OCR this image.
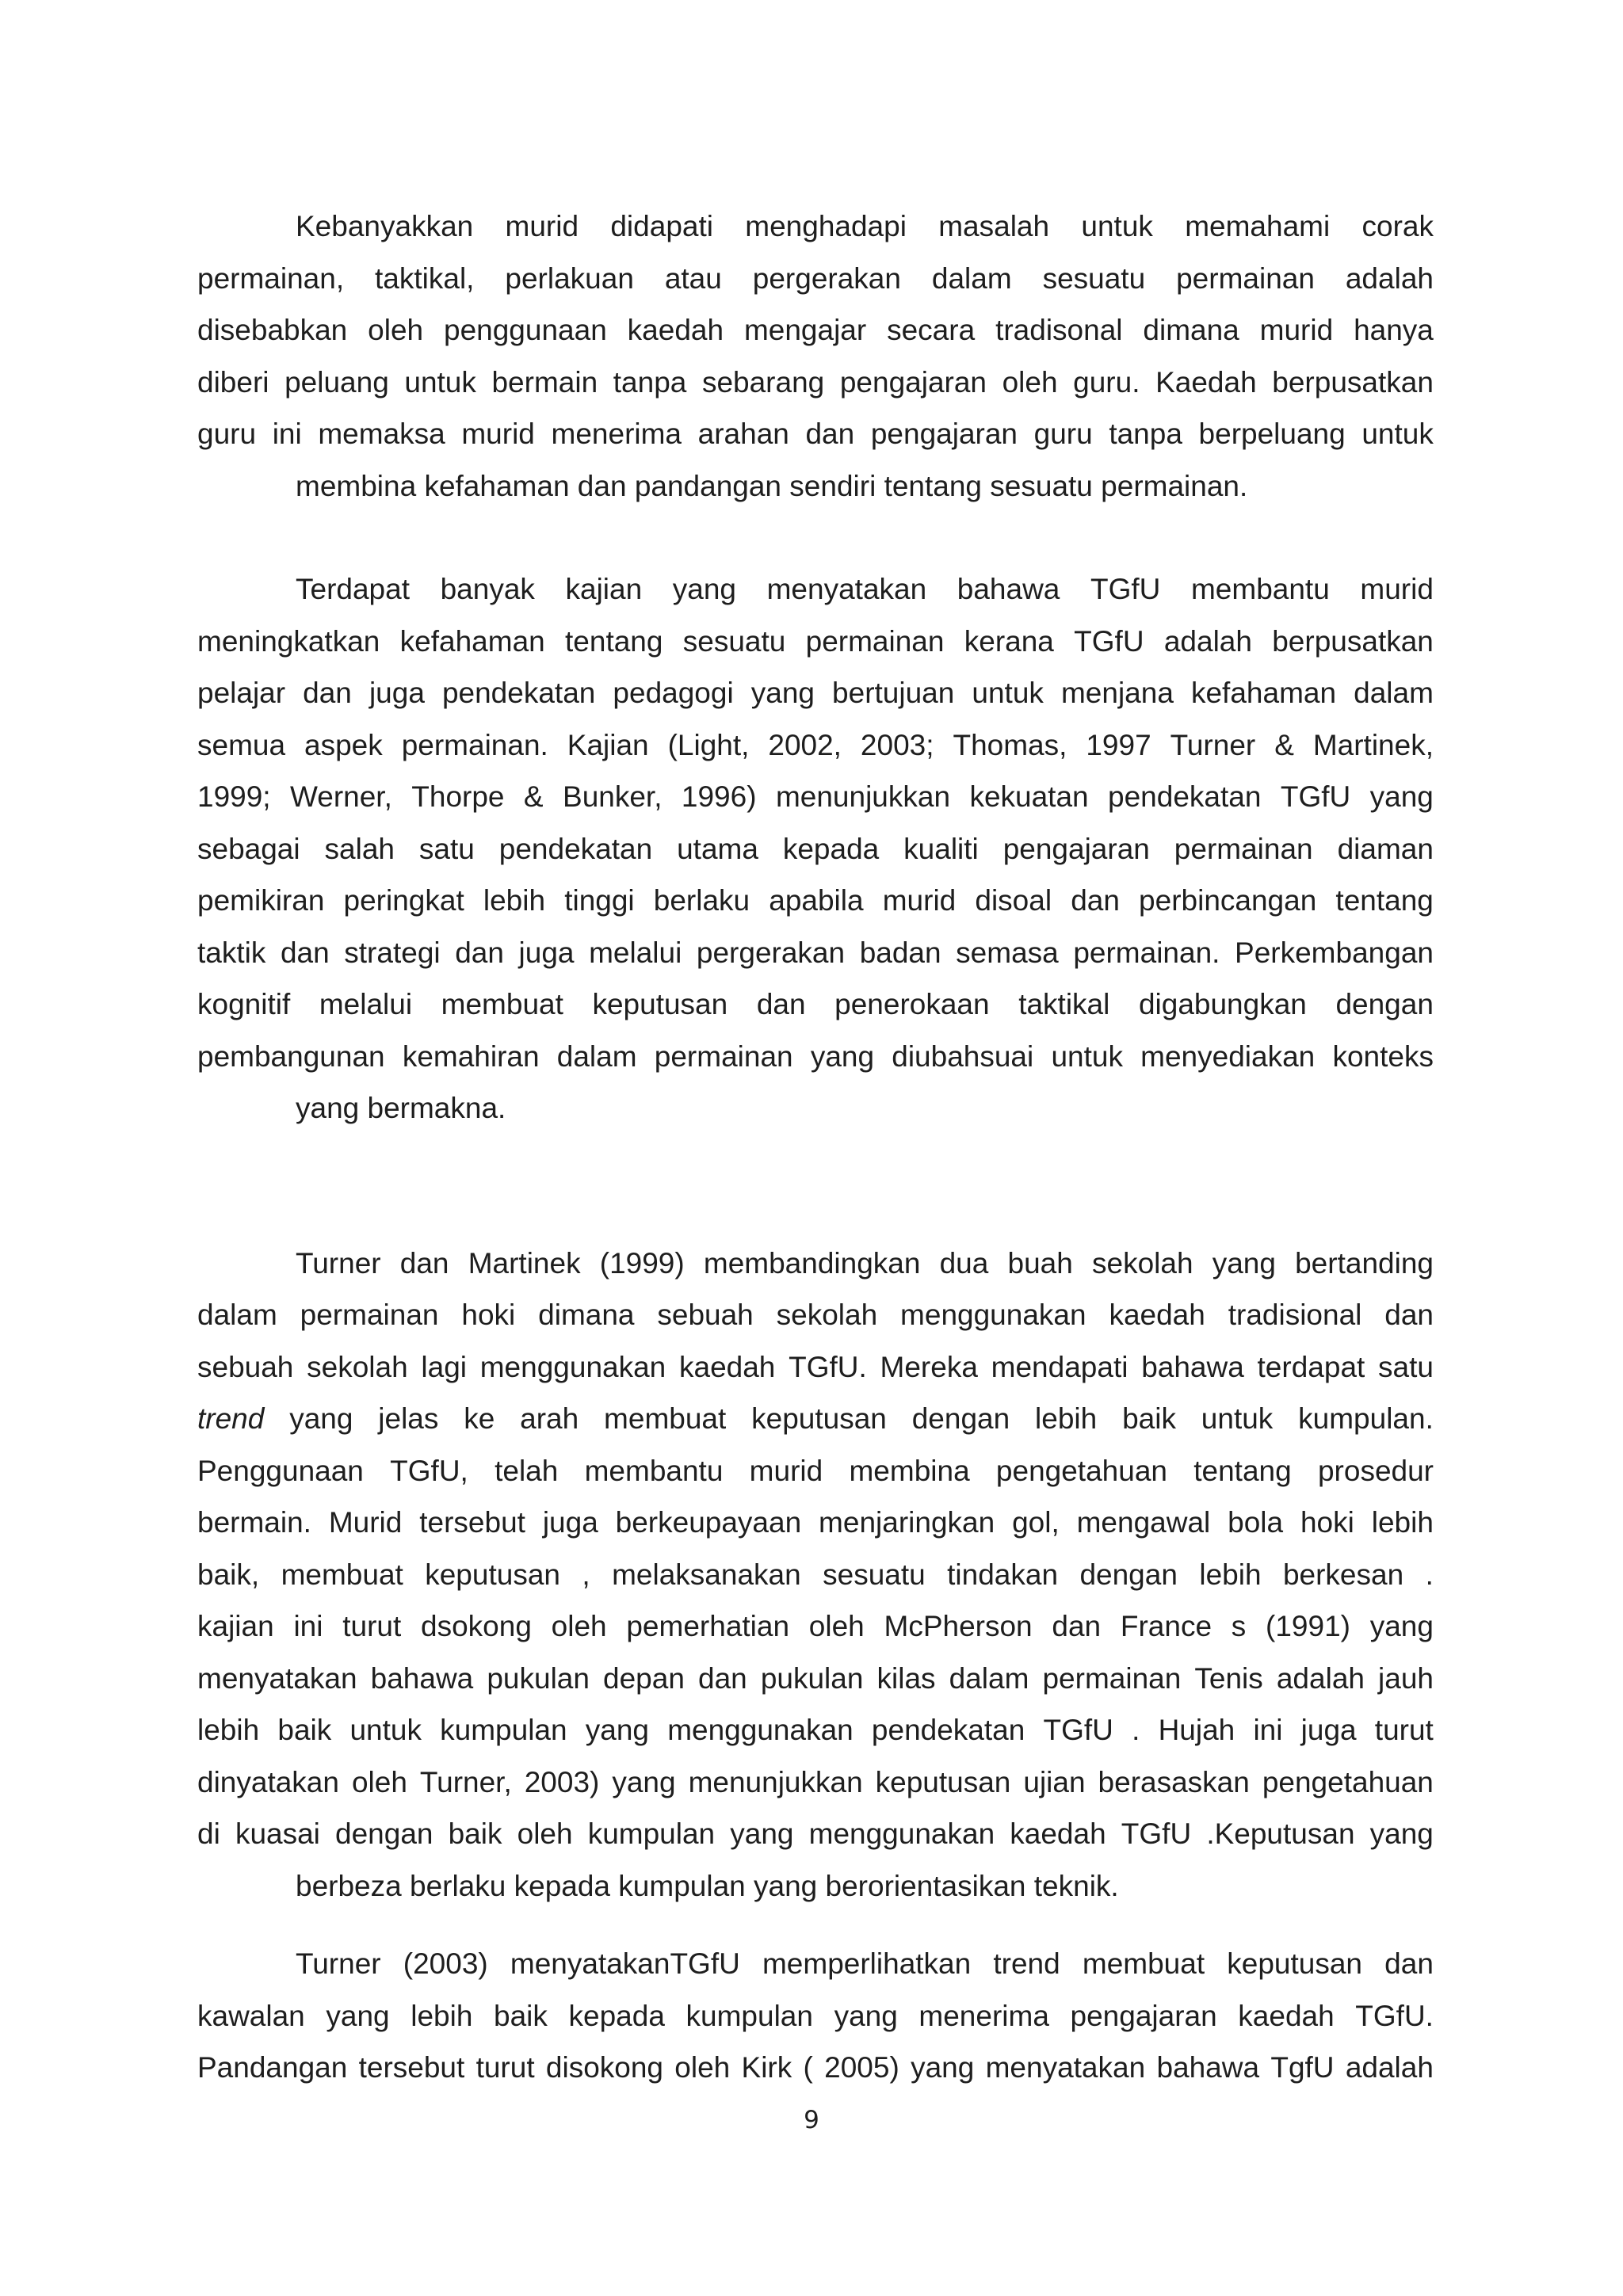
Kebanyakkan murid didapati menghadapi masalah untuk memahami corak
permainan, taktikal, perlakuan atau pergerakan dalam sesuatu permainan adalah
disebabkan oleh penggunaan kaedah mengajar secara tradisonal dimana murid hanya
diberi peluang untuk bermain tanpa sebarang pengajaran oleh guru. Kaedah berpusatkan
guru ini memaksa murid menerima arahan dan pengajaran guru tanpa berpeluang untuk
membina kefahaman dan pandangan sendiri tentang sesuatu permainan.
Terdapat banyak kajian yang menyatakan bahawa TGfU membantu murid
meningkatkan kefahaman tentang sesuatu permainan kerana TGfU adalah berpusatkan
pelajar dan juga pendekatan pedagogi yang bertujuan untuk menjana kefahaman dalam
semua aspek permainan. Kajian (Light, 2002, 2003; Thomas, 1997 Turner & Martinek,
1999; Werner, Thorpe & Bunker, 1996) menunjukkan kekuatan pendekatan TGfU yang
sebagai salah satu pendekatan utama kepada kualiti pengajaran permainan diaman
pemikiran peringkat lebih tinggi berlaku apabila murid disoal dan perbincangan tentang
taktik dan strategi dan juga melalui pergerakan badan semasa permainan. Perkembangan
kognitif melalui membuat keputusan dan penerokaan taktikal digabungkan dengan
pembangunan kemahiran dalam permainan yang diubahsuai untuk menyediakan konteks
yang bermakna.
Turner dan Martinek (1999) membandingkan dua buah sekolah yang bertanding
dalam permainan hoki dimana sebuah sekolah menggunakan kaedah tradisional dan
sebuah sekolah lagi menggunakan kaedah TGfU. Mereka mendapati bahawa terdapat satu
trend yang jelas ke arah membuat keputusan dengan lebih baik untuk kumpulan.
Penggunaan TGfU, telah membantu murid membina pengetahuan tentang prosedur
bermain. Murid tersebut juga berkeupayaan menjaringkan gol, mengawal bola hoki lebih
baik, membuat keputusan , melaksanakan sesuatu tindakan dengan lebih berkesan .
kajian ini turut dsokong oleh pemerhatian oleh McPherson dan France s (1991) yang
menyatakan bahawa pukulan depan dan pukulan kilas dalam permainan Tenis adalah jauh
lebih baik untuk kumpulan yang menggunakan pendekatan TGfU . Hujah ini juga turut
dinyatakan oleh Turner, 2003) yang menunjukkan keputusan ujian berasaskan pengetahuan
di kuasai dengan baik oleh kumpulan yang menggunakan kaedah TGfU .Keputusan yang
berbeza berlaku kepada kumpulan yang berorientasikan teknik.
Turner (2003) menyatakanTGfU memperlihatkan trend membuat keputusan dan
kawalan yang lebih baik kepada kumpulan yang menerima pengajaran kaedah TGfU.
Pandangan tersebut turut disokong oleh Kirk ( 2005) yang menyatakan bahawa TgfU adalah
9
